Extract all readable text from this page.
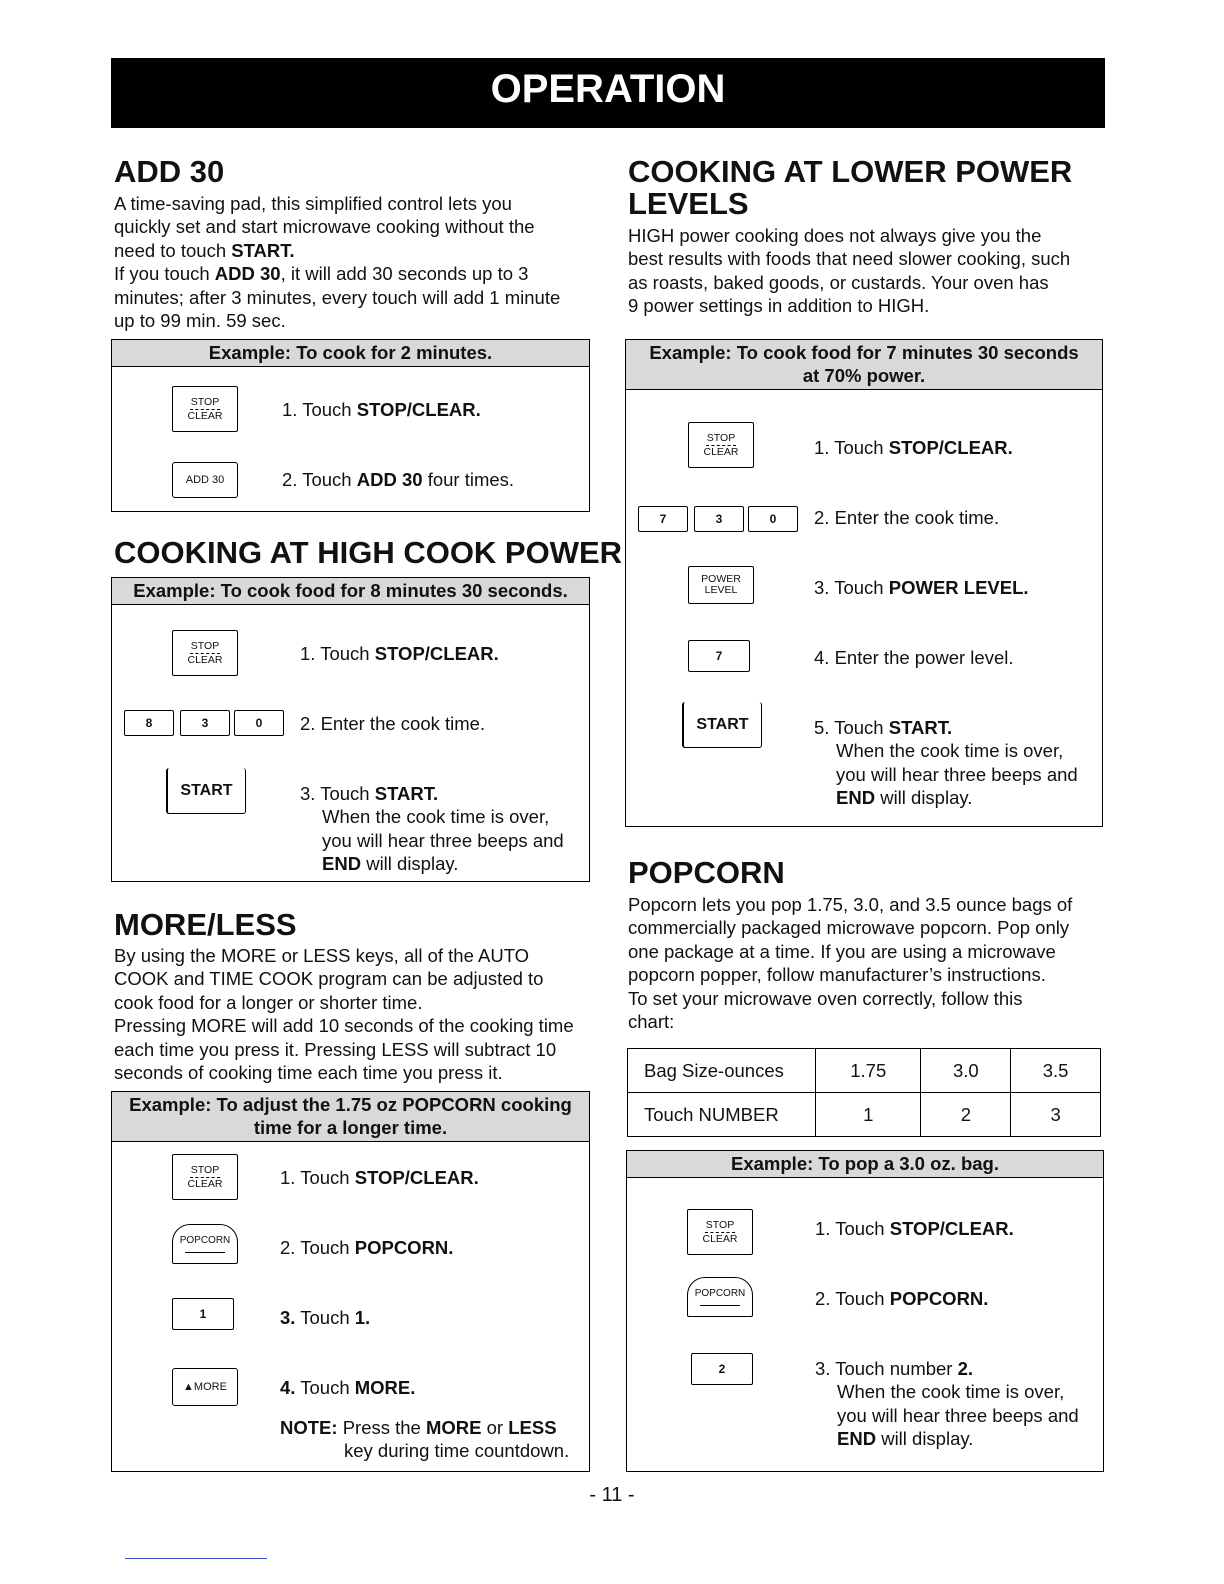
OPERATION
ADD 30

A time-saving pad, this simplified control lets you
quickly set and start microwave cooking without the
need to touch START.
If you touch ADD 30, it will add 30 seconds up to 3
minutes; after 3 minutes, every touch will add 1 minute
up to 99 min. 59 sec.

Example: To cook for 2 minutes.
STOP
CLEAR	1. Touch STOP/CLEAR.
ADD 30	2. Touch ADD 30 four times.
COOKING AT HIGH COOK POWER
Example: To cook food for 8 minutes 30 seconds.
STOP
CLEAR	1. Touch STOP/CLEAR.
8	3	0	2. Enter the cook time.
START	3. Touch START.
When the cook time is over,
you will hear three beeps and
END will display.
MORE/LESS

By using the MORE or LESS keys, all of the AUTO
COOK and TIME COOK program can be adjusted to
cook food for a longer or shorter time.
Pressing MORE will add 10 seconds of the cooking time
each time you press it. Pressing LESS will subtract 10
seconds of cooking time each time you press it.

Example: To adjust the 1.75 oz POPCORN cooking
time for a longer time.
STOP
CLEAR	1. Touch STOP/CLEAR.
POPCORN	2. Touch POPCORN.
1	3. Touch 1.
▲MORE	4. Touch MORE.
NOTE: Press the MORE or LESS
key during time countdown.
COOKING AT LOWER POWER
LEVELS

HIGH power cooking does not always give you the
best results with foods that need slower cooking, such
as roasts, baked goods, or custards. Your oven has
9 power settings in addition to HIGH.

Example: To cook food for 7 minutes 30 seconds
at 70% power.
STOP
CLEAR	1. Touch STOP/CLEAR.
7	3	0	2. Enter the cook time.
POWER
LEVEL	3. Touch POWER LEVEL.
7	4. Enter the power level.
START	5. Touch START.
When the cook time is over,
you will hear three beeps and
END will display.
POPCORN

Popcorn lets you pop 1.75, 3.0, and 3.5 ounce bags of
commercially packaged microwave popcorn. Pop only
one package at a time. If you are using a microwave
popcorn popper, follow manufacturer’s instructions.
To set your microwave oven correctly, follow this
chart:

Bag Size-ounces	1.75	3.0	3.5
Touch NUMBER	1	2	3
Example: To pop a 3.0 oz. bag.
STOP
CLEAR	1. Touch STOP/CLEAR.
POPCORN	2. Touch POPCORN.
2	3. Touch number 2.
When the cook time is over,
you will hear three beeps and
END will display.
- 11 -
